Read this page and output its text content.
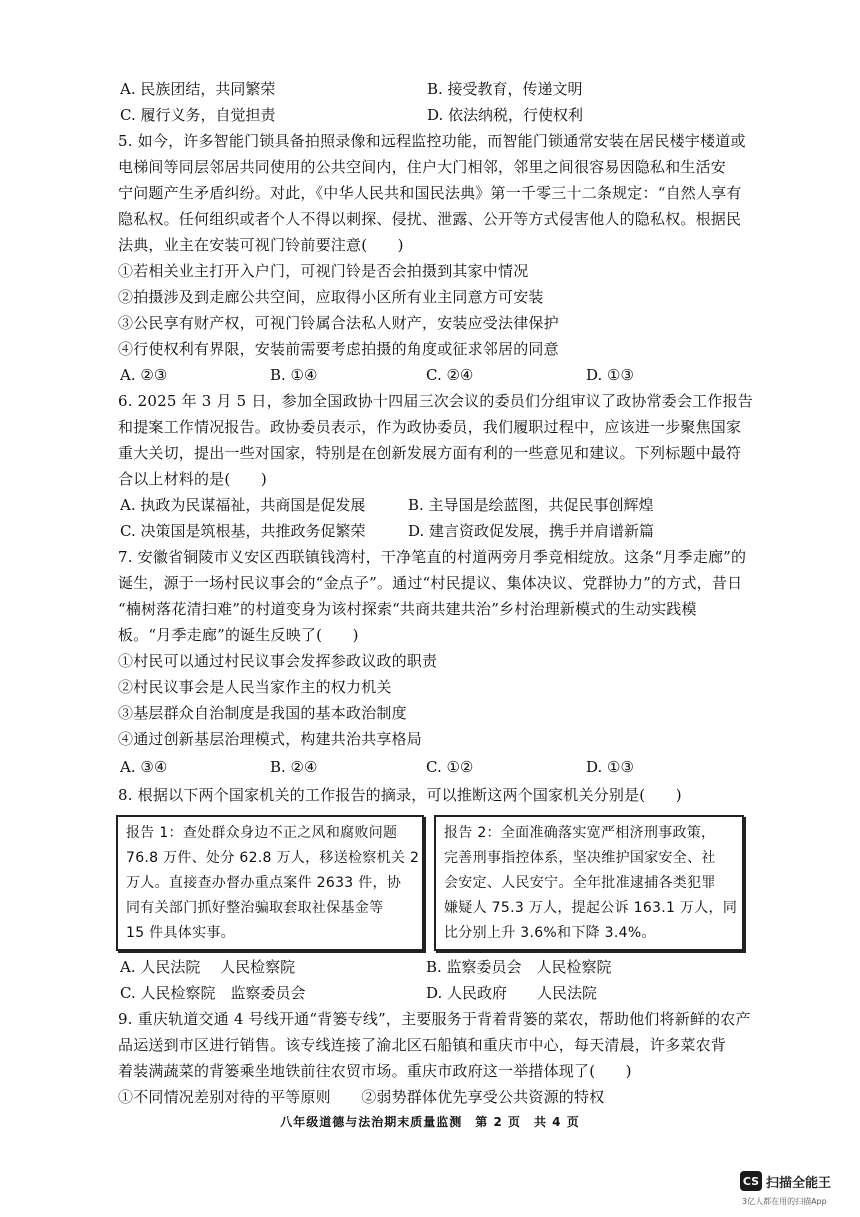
A. 民族团结，共同繁荣	B. 接受教育，传递文明
C. 履行义务，自觉担责	D. 依法纳税，行使权利
5. 如今，许多智能门锁具备拍照录像和远程监控功能，而智能门锁通常安装在居民楼宇楼道或
电梯间等同层邻居共同使用的公共空间内，住户大门相邻，邻里之间很容易因隐私和生活安
宁问题产生矛盾纠纷。对此，《中华人民共和国民法典》第一千零三十二条规定：“自然人享有
隐私权。任何组织或者个人不得以刺探、侵扰、泄露、公开等方式侵害他人的隐私权。根据民
法典，业主在安装可视门铃前要注意(　　)
①若相关业主打开入户门，可视门铃是否会拍摄到其家中情况
②拍摄涉及到走廊公共空间，应取得小区所有业主同意方可安装
③公民享有财产权，可视门铃属合法私人财产，安装应受法律保护
④行使权利有界限，安装前需要考虑拍摄的角度或征求邻居的同意
A. ②③	B. ①④	C. ②④	D. ①③
6. 2025 年 3 月 5 日，参加全国政协十四届三次会议的委员们分组审议了政协常委会工作报告
和提案工作情况报告。政协委员表示，作为政协委员，我们履职过程中，应该进一步聚焦国家
重大关切，提出一些对国家，特别是在创新发展方面有利的一些意见和建议。下列标题中最符
合以上材料的是(　　)
A. 执政为民谋福祉，共商国是促发展	B. 主导国是绘蓝图，共促民事创辉煌
C. 决策国是筑根基，共推政务促繁荣	D. 建言资政促发展，携手并肩谱新篇
7. 安徽省铜陵市义安区西联镇钱湾村，干净笔直的村道两旁月季竞相绽放。这条“月季走廊”的
诞生，源于一场村民议事会的“金点子”。通过“村民提议、集体决议、党群协力”的方式，昔日
“楠树落花清扫难”的村道变身为该村探索“共商共建共治”乡村治理新模式的生动实践模
板。“月季走廊”的诞生反映了(　　)
①村民可以通过村民议事会发挥参政议政的职责
②村民议事会是人民当家作主的权力机关
③基层群众自治制度是我国的基本政治制度
④通过创新基层治理模式，构建共治共享格局
A. ③④	B. ②④	C. ①②	D. ①③
8. 根据以下两个国家机关的工作报告的摘录，可以推断这两个国家机关分别是(　　)
报告 1：查处群众身边不正之风和腐败问题
76.8 万件、处分 62.8 万人，移送检察机关 2
万人。直接查办督办重点案件 2633 件，协
同有关部门抓好整治骗取套取社保基金等
15 件具体实事。
报告 2：全面准确落实宽严相济刑事政策，
完善刑事指控体系，坚决维护国家安全、社
会安定、人民安宁。全年批准逮捕各类犯罪
嫌疑人 75.3 万人，提起公诉 163.1 万人，同
比分别上升 3.6%和下降 3.4%。
A. 人民法院　 人民检察院	B. 监察委员会　人民检察院
C. 人民检察院　监察委员会	D. 人民政府　　人民法院
9. 重庆轨道交通 4 号线开通“背篓专线”，主要服务于背着背篓的菜农，帮助他们将新鲜的农产
品运送到市区进行销售。该专线连接了渝北区石船镇和重庆市中心，每天清晨，许多菜农背
着装满蔬菜的背篓乘坐地铁前往农贸市场。重庆市政府这一举措体现了(　　)
①不同情况差别对待的平等原则　　②弱势群体优先享受公共资源的特权
八年级道德与法治期末质量监测　第 2 页　共 4 页
CS 扫描全能王
3亿人都在用的扫描App
